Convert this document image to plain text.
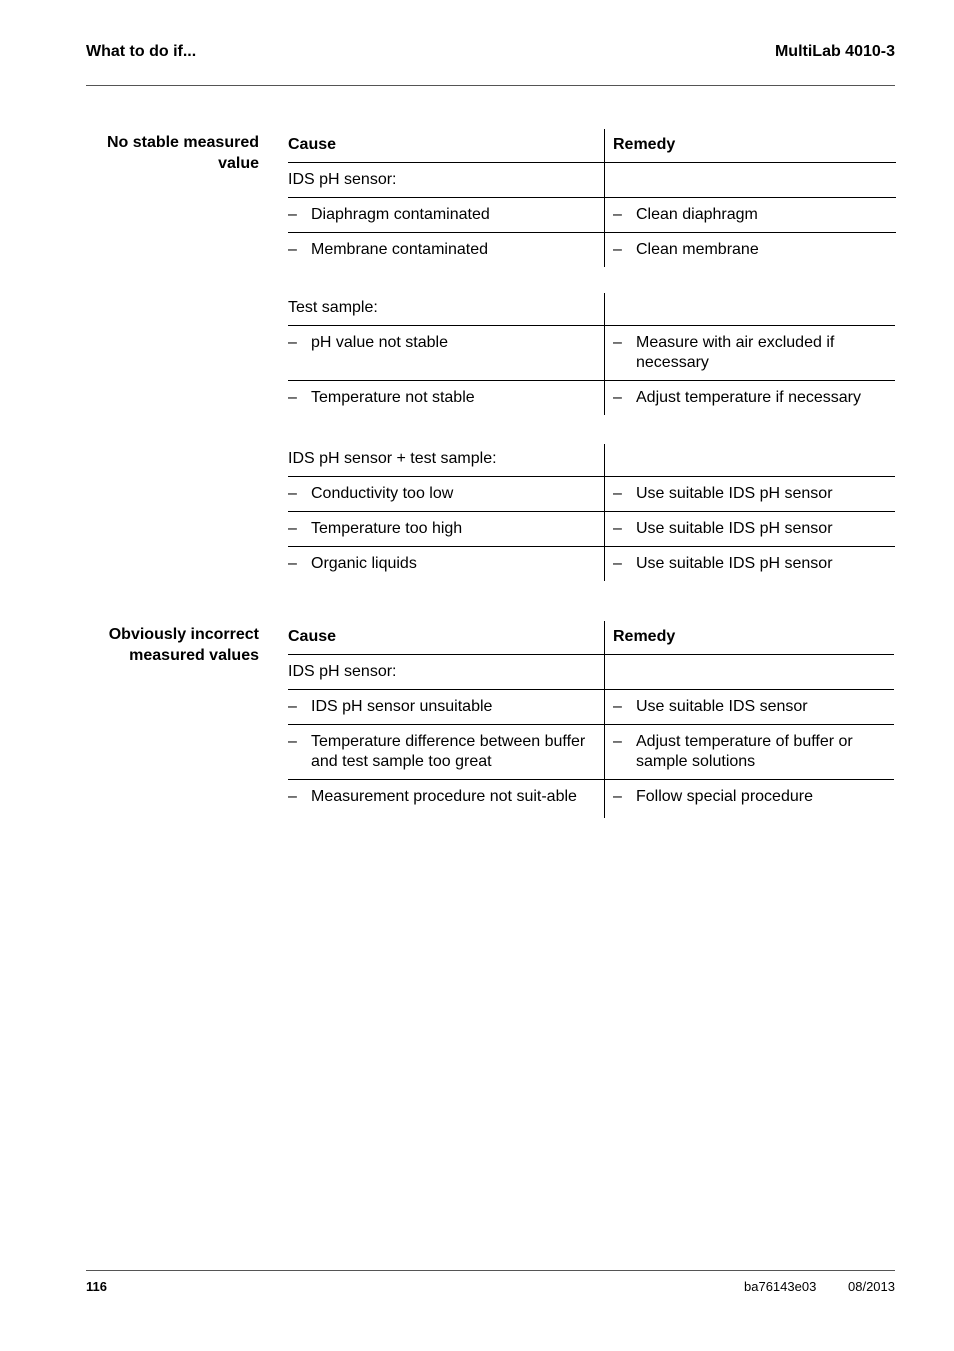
What to do if...	MultiLab 4010-3
No stable measured value
Cause	Remedy
IDS pH sensor:	

– Diaphragm contaminated	– Clean diaphragm

– Membrane contaminated	– Clean membrane
Test sample:	

– pH value not stable	– Measure with air excluded if necessary

– Temperature not stable	– Adjust temperature if necessary
IDS pH sensor + test sample:	

– Conductivity too low	– Use suitable IDS pH sensor

– Temperature too high	– Use suitable IDS pH sensor

– Organic liquids	– Use suitable IDS pH sensor
Obviously incorrect measured values
Cause	Remedy
IDS pH sensor:	

– IDS pH sensor unsuitable	– Use suitable IDS sensor

– Temperature difference between buffer and test sample too great	– Adjust temperature of buffer or sample solutions

– Measurement procedure not suit-able	– Follow special procedure
116	ba76143e03 08/2013
